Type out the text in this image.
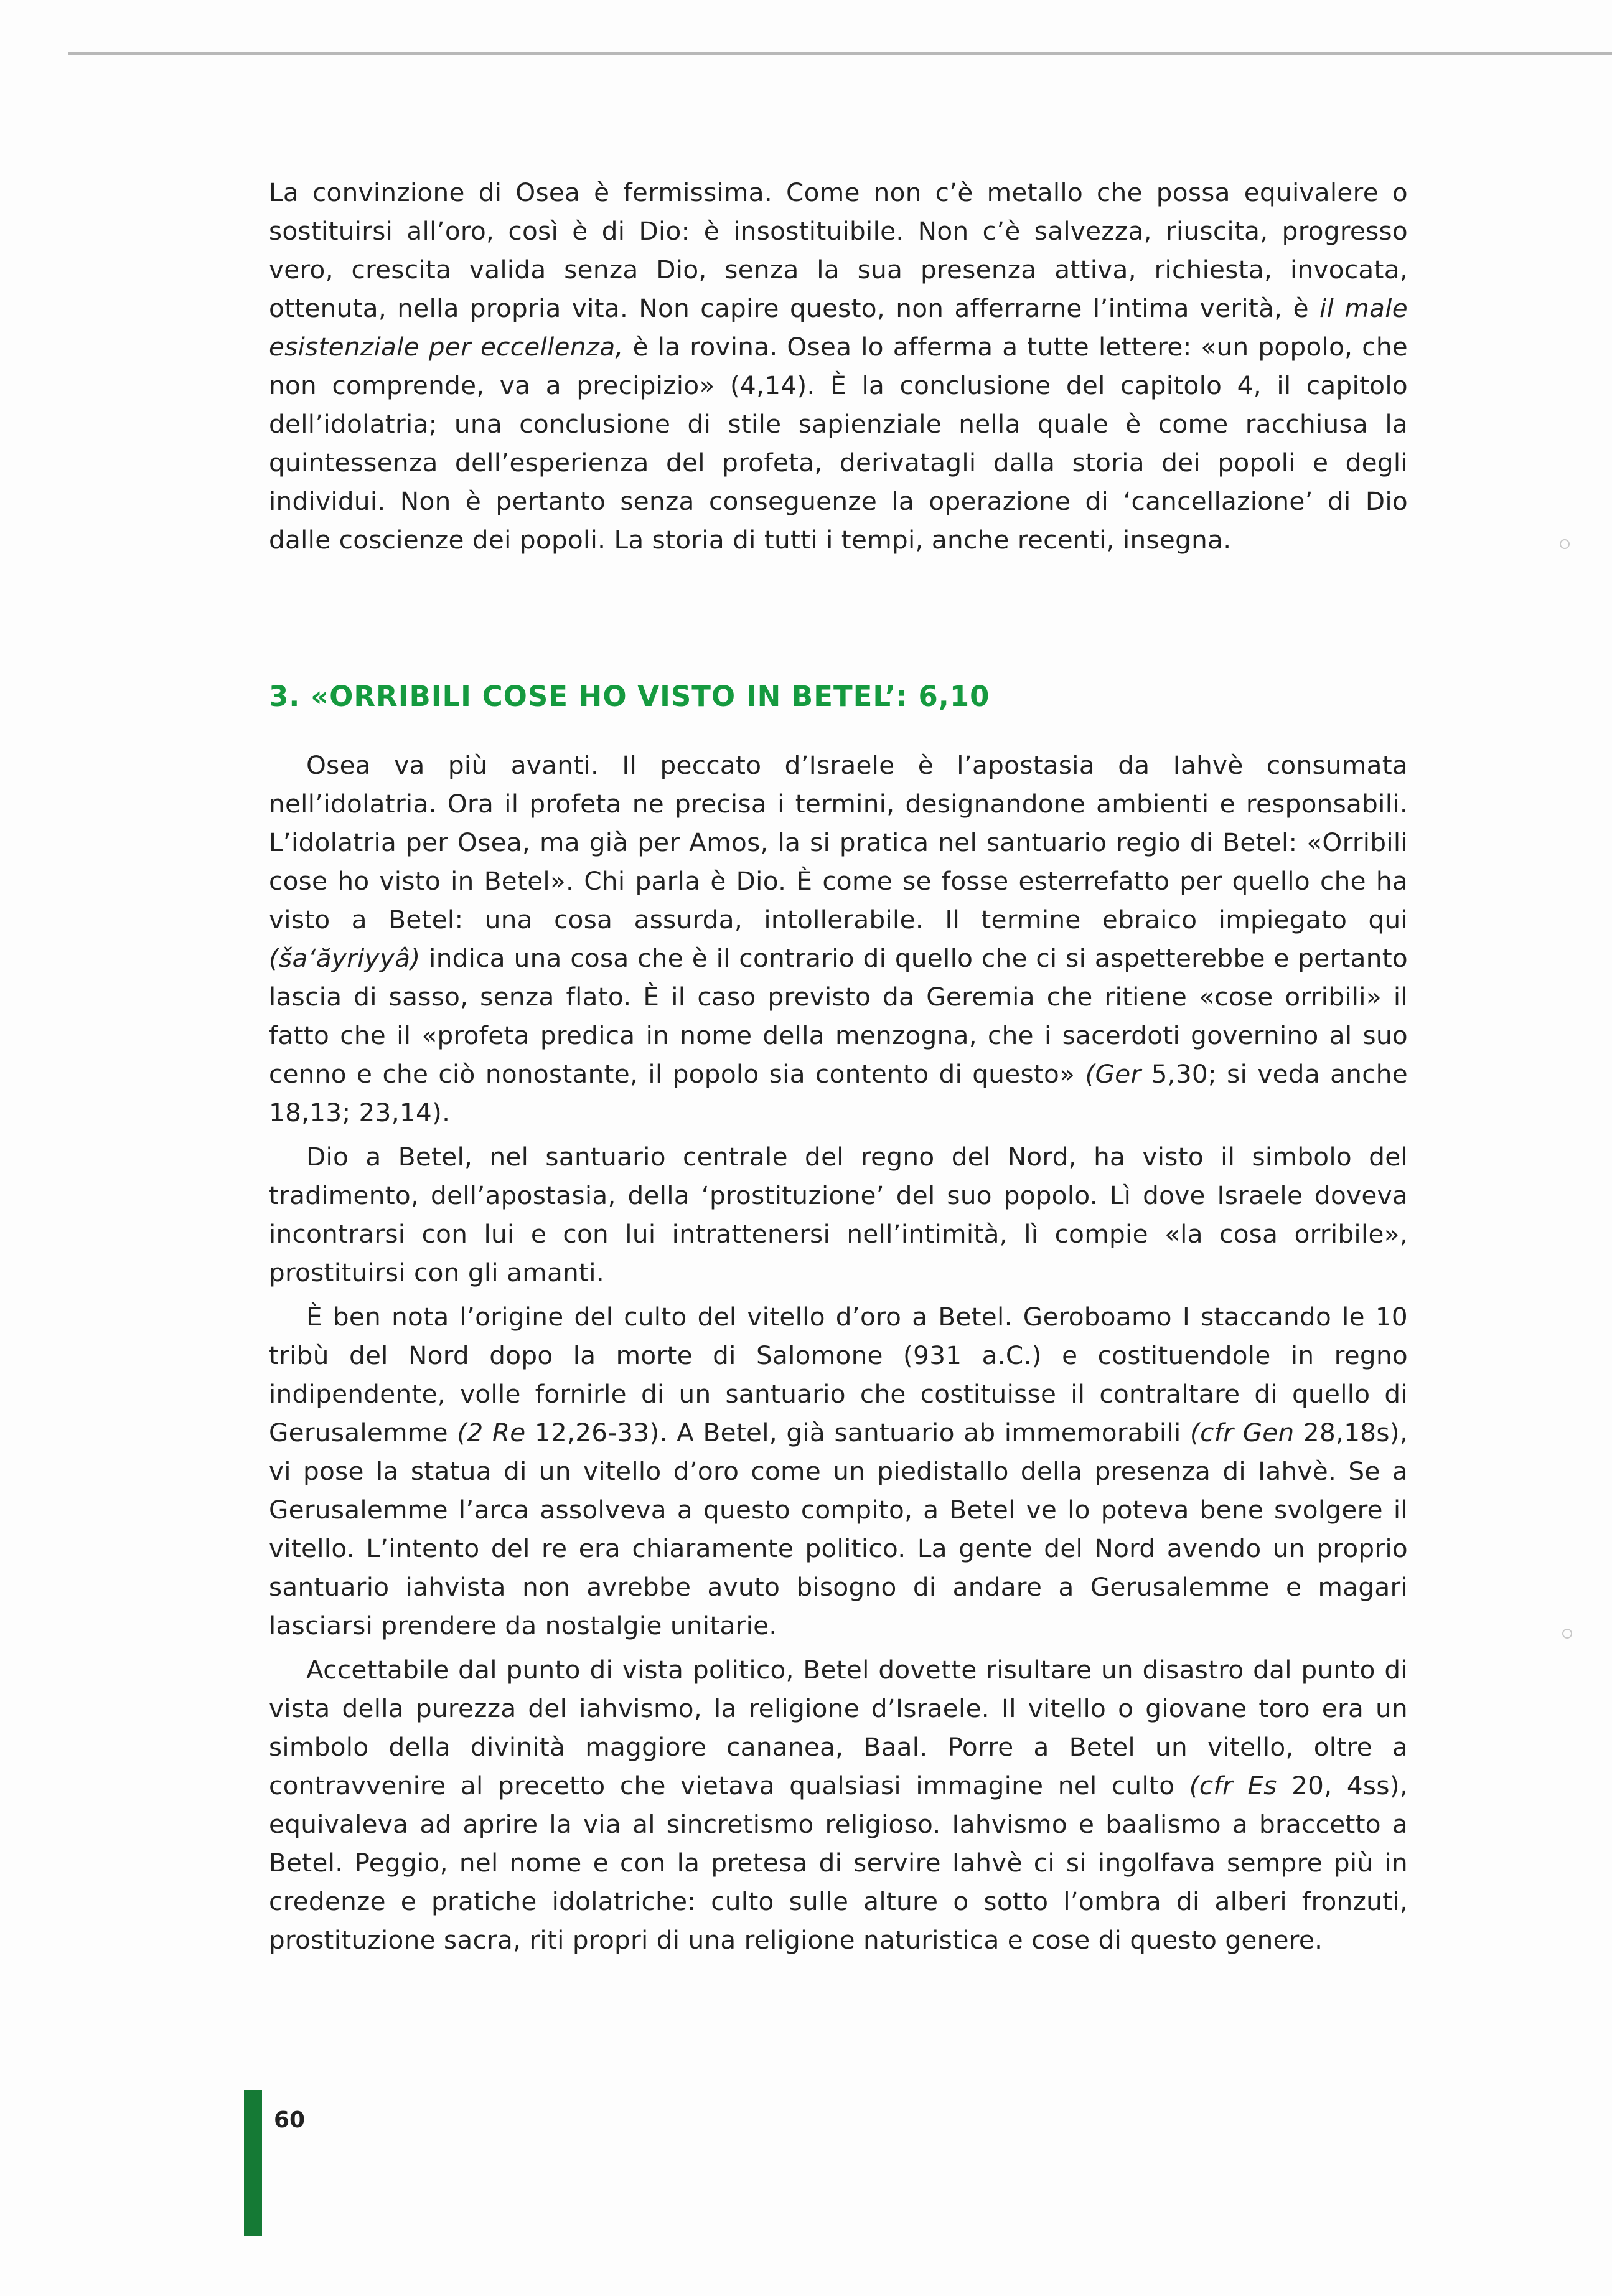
La convinzione di Osea è fermissima. Come non c’è metallo che possa equivalere o sostituirsi all’oro, così è di Dio: è insostituibile. Non c’è salvezza, riuscita, progresso vero, crescita valida senza Dio, senza la sua presenza attiva, richiesta, invocata, ottenuta, nella propria vita. Non capire questo, non afferrarne l’intima verità, è il male esistenziale per eccellenza, è la rovina. Osea lo afferma a tutte lettere: «un popolo, che non comprende, va a precipizio» (4,14). È la conclusione del capitolo 4, il capitolo dell’idolatria; una conclusione di stile sapienziale nella quale è come racchiusa la quintessenza dell’esperienza del profeta, derivatagli dalla storia dei popoli e degli individui. Non è pertanto senza conseguenze la operazione di ‘cancellazione’ di Dio dalle coscienze dei popoli. La storia di tutti i tempi, anche recenti, insegna.

3. «ORRIBILI COSE HO VISTO IN BETEL’: 6,10

Osea va più avanti. Il peccato d’Israele è l’apostasia da Iahvè consumata nell’idolatria. Ora il profeta ne precisa i termini, designandone ambienti e responsabili. L’idolatria per Osea, ma già per Amos, la si pratica nel santuario regio di Betel: «Orribili cose ho visto in Betel». Chi parla è Dio. È come se fosse esterrefatto per quello che ha visto a Betel: una cosa assurda, intollerabile. Il termine ebraico impiegato qui (ša‘ăyriyyâ) indica una cosa che è il contrario di quello che ci si aspetterebbe e pertanto lascia di sasso, senza flato. È il caso previsto da Geremia che ritiene «cose orribili» il fatto che il «profeta predica in nome della menzogna, che i sacerdoti governino al suo cenno e che ciò nonostante, il popolo sia contento di questo» (Ger 5,30; si veda anche 18,13; 23,14).

Dio a Betel, nel santuario centrale del regno del Nord, ha visto il simbolo del tradimento, dell’apostasia, della ‘prostituzione’ del suo popolo. Lì dove Israele doveva incontrarsi con lui e con lui intrattenersi nell’intimità, lì compie «la cosa orribile», prostituirsi con gli amanti.

È ben nota l’origine del culto del vitello d’oro a Betel. Geroboamo I staccando le 10 tribù del Nord dopo la morte di Salomone (931 a.C.) e costituendole in regno indipendente, volle fornirle di un santuario che costituisse il contraltare di quello di Gerusalemme (2 Re 12,26-33). A Betel, già santuario ab immemorabili (cfr Gen 28,18s), vi pose la statua di un vitello d’oro come un piedistallo della presenza di Iahvè. Se a Gerusalemme l’arca assolveva a questo compito, a Betel ve lo poteva bene svolgere il vitello. L’intento del re era chiaramente politico. La gente del Nord avendo un proprio santuario iahvista non avrebbe avuto bisogno di andare a Gerusalemme e magari lasciarsi prendere da nostalgie unitarie.

Accettabile dal punto di vista politico, Betel dovette risultare un disastro dal punto di vista della purezza del iahvismo, la religione d’Israele. Il vitello o giovane toro era un simbolo della divinità maggiore cananea, Baal. Porre a Betel un vitello, oltre a contravvenire al precetto che vietava qualsiasi immagine nel culto (cfr Es 20, 4ss), equivaleva ad aprire la via al sincretismo religioso. Iahvismo e baalismo a braccetto a Betel. Peggio, nel nome e con la pretesa di servire Iahvè ci si ingolfava sempre più in credenze e pratiche idolatriche: culto sulle alture o sotto l’ombra di alberi fronzuti, prostituzione sacra, riti propri di una religione naturistica e cose di questo genere.

60
